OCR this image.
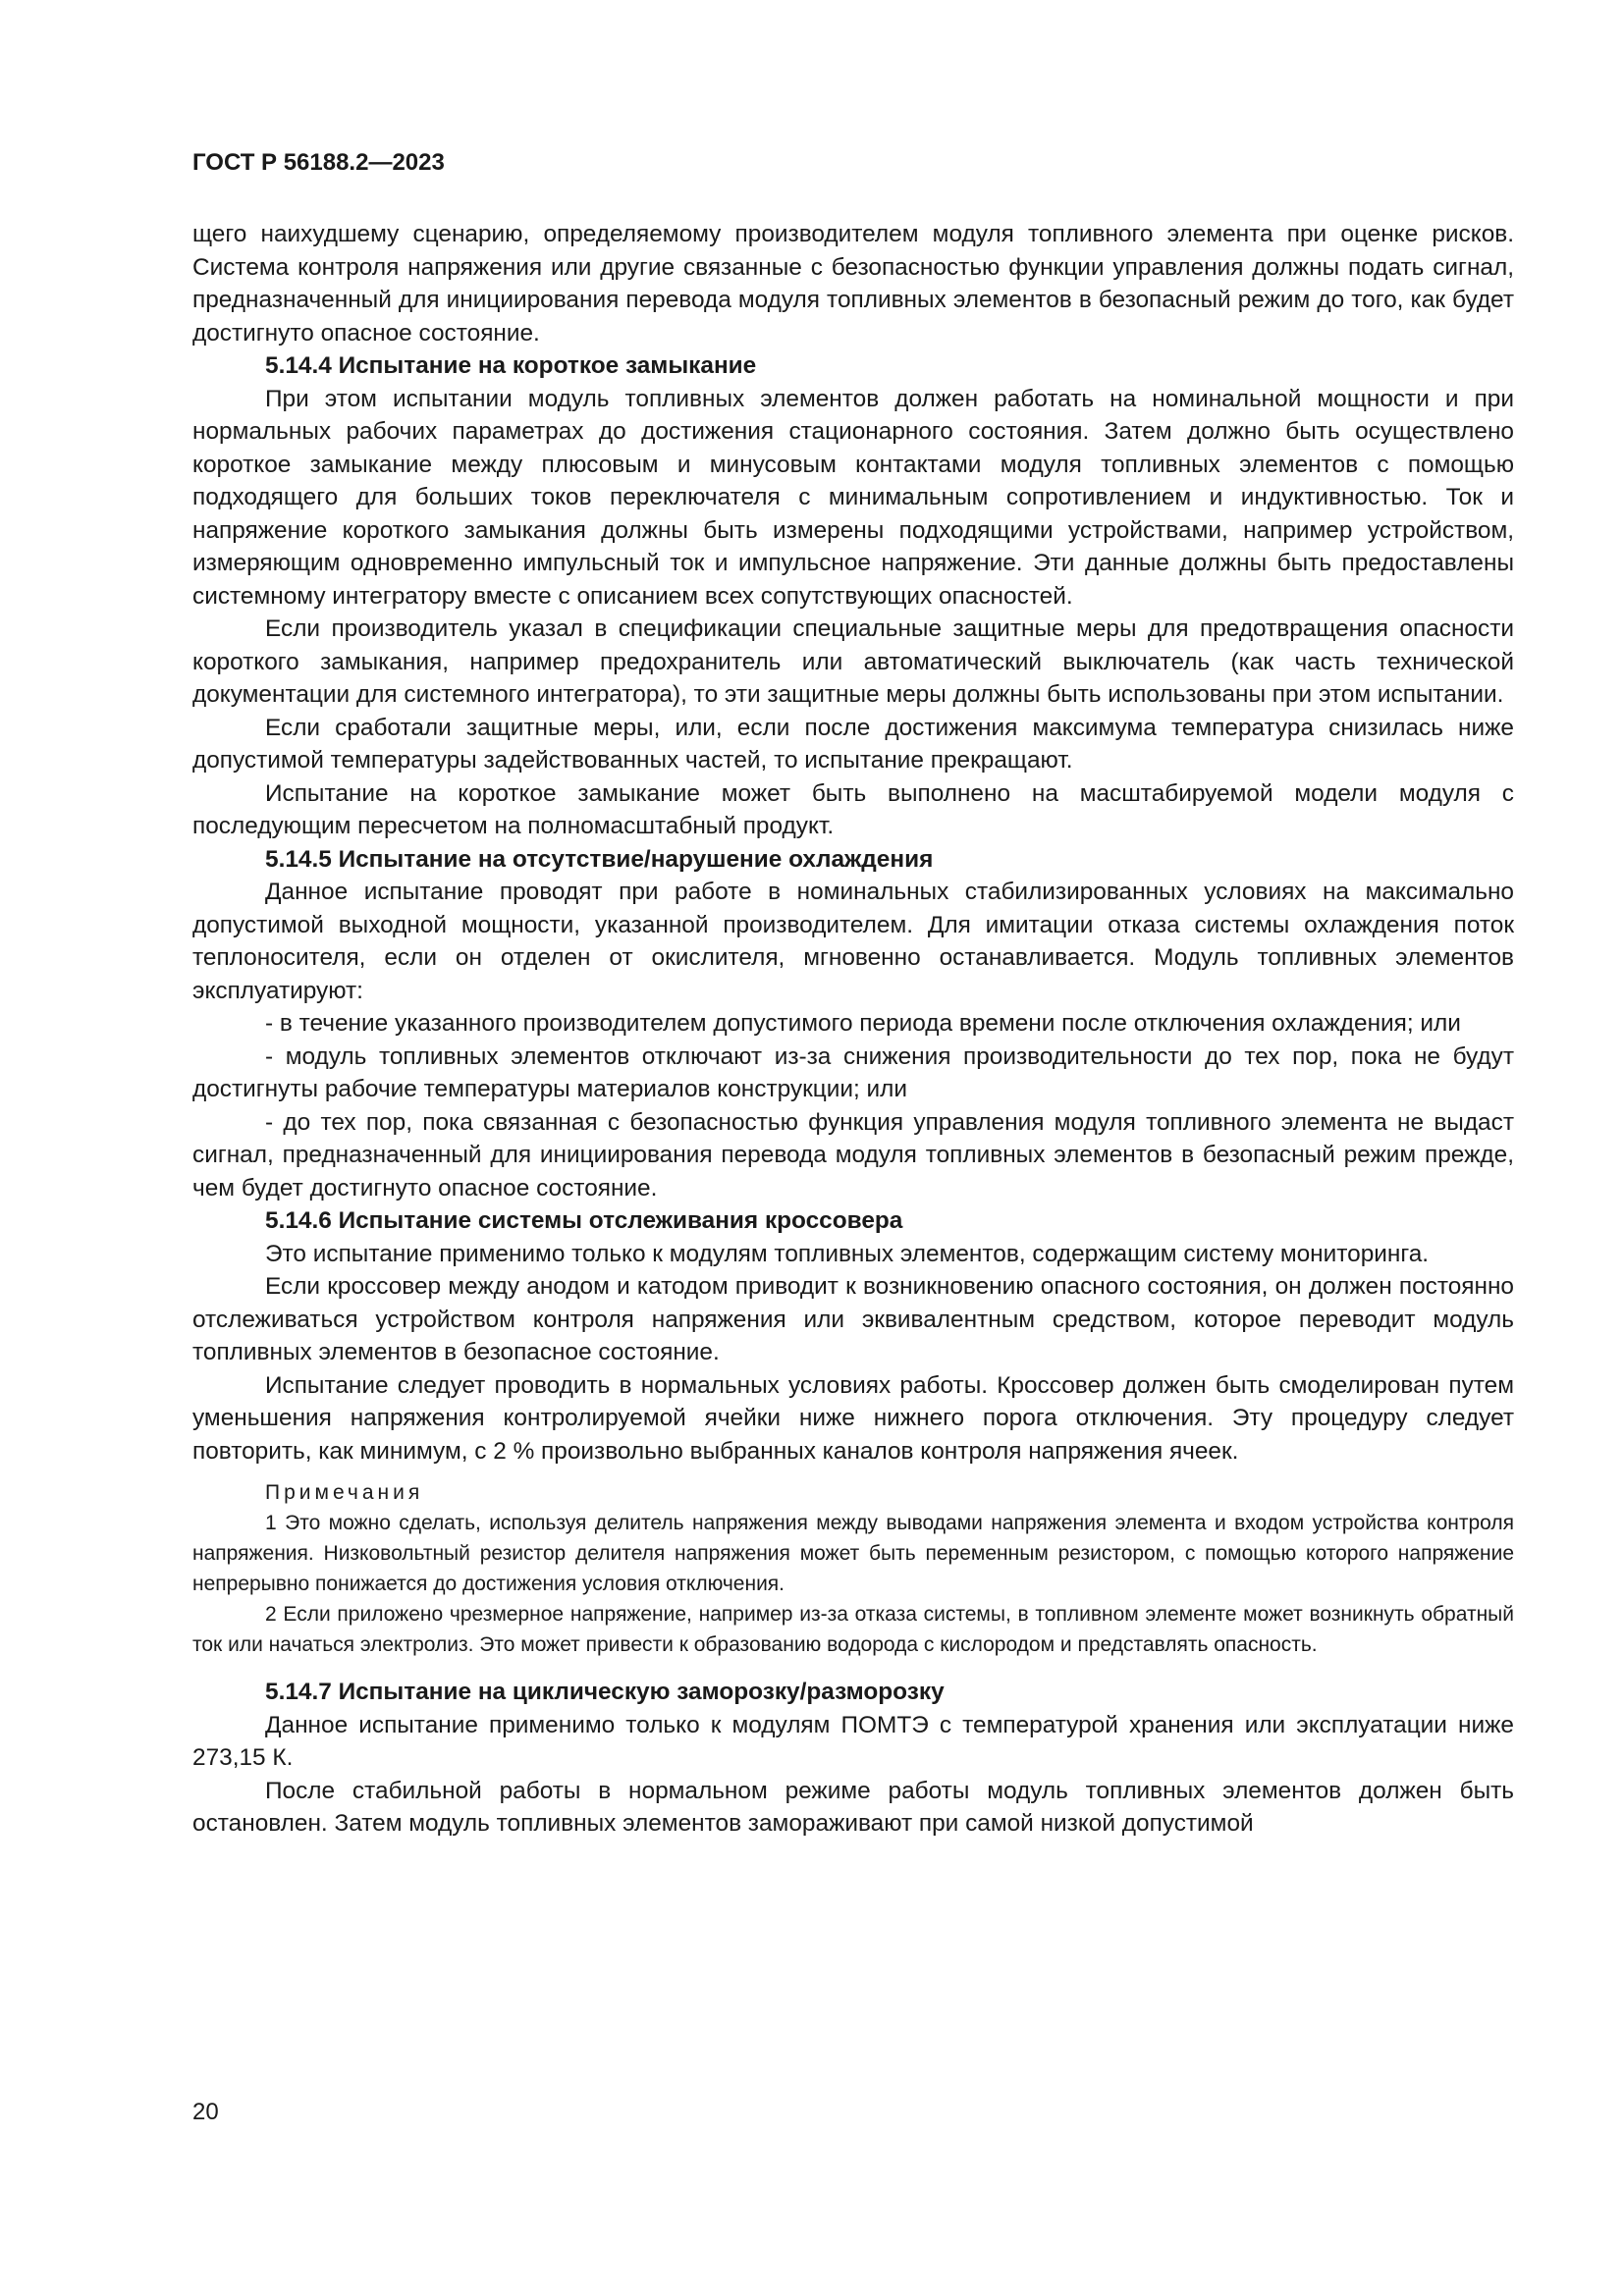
ГОСТ Р 56188.2—2023

щего наихудшему сценарию, определяемому производителем модуля топливного элемента при оценке рисков. Система контроля напряжения или другие связанные с безопасностью функции управления должны подать сигнал, предназначенный для инициирования перевода модуля топливных элементов в безопасный режим до того, как будет достигнуто опасное состояние.

5.14.4 Испытание на короткое замыкание

При этом испытании модуль топливных элементов должен работать на номинальной мощности и при нормальных рабочих параметрах до достижения стационарного состояния. Затем должно быть осуществлено короткое замыкание между плюсовым и минусовым контактами модуля топливных элементов с помощью подходящего для больших токов переключателя с минимальным сопротивлением и индуктивностью. Ток и напряжение короткого замыкания должны быть измерены подходящими устройствами, например устройством, измеряющим одновременно импульсный ток и импульсное напряжение. Эти данные должны быть предоставлены системному интегратору вместе с описанием всех сопутствующих опасностей.

Если производитель указал в спецификации специальные защитные меры для предотвращения опасности короткого замыкания, например предохранитель или автоматический выключатель (как часть технической документации для системного интегратора), то эти защитные меры должны быть использованы при этом испытании.

Если сработали защитные меры, или, если после достижения максимума температура снизилась ниже допустимой температуры задействованных частей, то испытание прекращают.

Испытание на короткое замыкание может быть выполнено на масштабируемой модели модуля с последующим пересчетом на полномасштабный продукт.

5.14.5 Испытание на отсутствие/нарушение охлаждения

Данное испытание проводят при работе в номинальных стабилизированных условиях на максимально допустимой выходной мощности, указанной производителем. Для имитации отказа системы охлаждения поток теплоносителя, если он отделен от окислителя, мгновенно останавливается. Модуль топливных элементов эксплуатируют:

- в течение указанного производителем допустимого периода времени после отключения охлаждения; или

- модуль топливных элементов отключают из-за снижения производительности до тех пор, пока не будут достигнуты рабочие температуры материалов конструкции; или

- до тех пор, пока связанная с безопасностью функция управления модуля топливного элемента не выдаст сигнал, предназначенный для инициирования перевода модуля топливных элементов в безопасный режим прежде, чем будет достигнуто опасное состояние.

5.14.6 Испытание системы отслеживания кроссовера

Это испытание применимо только к модулям топливных элементов, содержащим систему мониторинга.

Если кроссовер между анодом и катодом приводит к возникновению опасного состояния, он должен постоянно отслеживаться устройством контроля напряжения или эквивалентным средством, которое переводит модуль топливных элементов в безопасное состояние.

Испытание следует проводить в нормальных условиях работы. Кроссовер должен быть смоделирован путем уменьшения напряжения контролируемой ячейки ниже нижнего порога отключения. Эту процедуру следует повторить, как минимум, с 2 % произвольно выбранных каналов контроля напряжения ячеек.

Примечания

1 Это можно сделать, используя делитель напряжения между выводами напряжения элемента и входом устройства контроля напряжения. Низковольтный резистор делителя напряжения может быть переменным резистором, с помощью которого напряжение непрерывно понижается до достижения условия отключения.

2 Если приложено чрезмерное напряжение, например из-за отказа системы, в топливном элементе может возникнуть обратный ток или начаться электролиз. Это может привести к образованию водорода с кислородом и представлять опасность.

5.14.7 Испытание на циклическую заморозку/разморозку

Данное испытание применимо только к модулям ПОМТЭ с температурой хранения или эксплуатации ниже 273,15 К.

После стабильной работы в нормальном режиме работы модуль топливных элементов должен быть остановлен. Затем модуль топливных элементов замораживают при самой низкой допустимой

20
